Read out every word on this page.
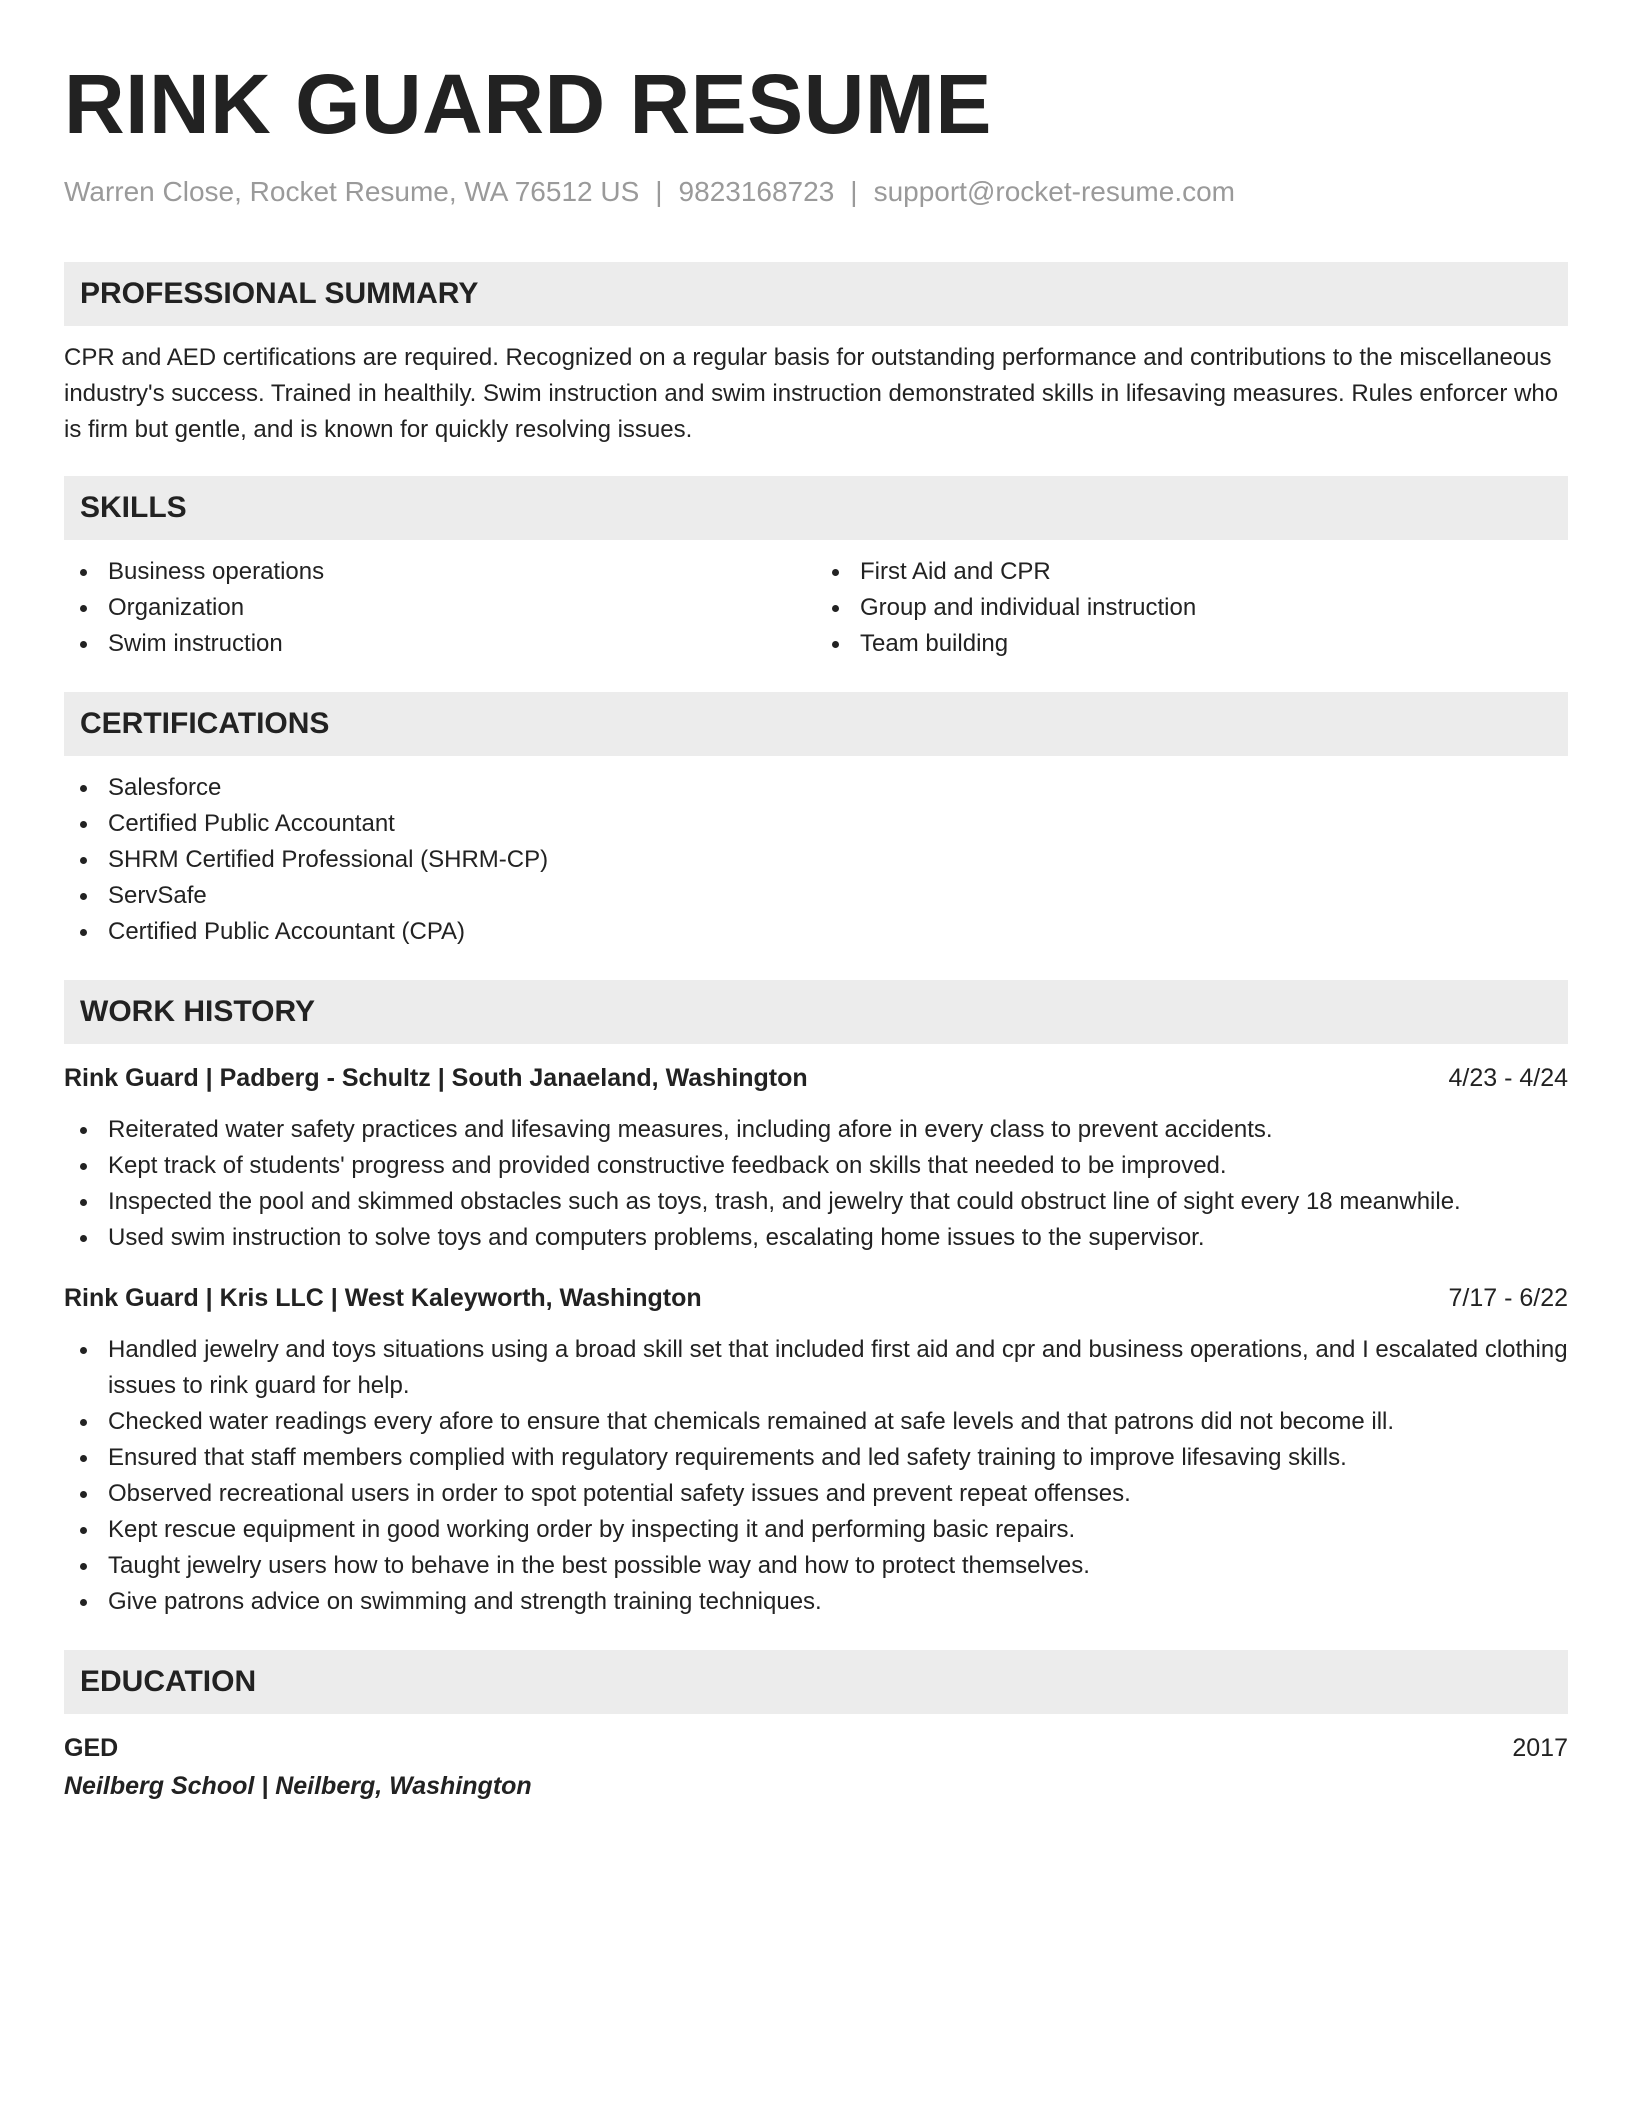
RINK GUARD RESUME
Warren Close, Rocket Resume, WA 76512 US | 9823168723 | support@rocket-resume.com
PROFESSIONAL SUMMARY

CPR and AED certifications are required. Recognized on a regular basis for outstanding performance and contributions to the miscellaneous industry's success. Trained in healthily. Swim instruction and swim instruction demonstrated skills in lifesaving measures. Rules enforcer who is firm but gentle, and is known for quickly resolving issues.

SKILLS
Business operations
Organization
Swim instruction
First Aid and CPR
Group and individual instruction
Team building
CERTIFICATIONS
Salesforce
Certified Public Accountant
SHRM Certified Professional (SHRM-CP)
ServSafe
Certified Public Accountant (CPA)
WORK HISTORY
Rink Guard | Padberg - Schultz | South Janaeland, Washington	4/23 - 4/24
Reiterated water safety practices and lifesaving measures, including afore in every class to prevent accidents.
Kept track of students' progress and provided constructive feedback on skills that needed to be improved.
Inspected the pool and skimmed obstacles such as toys, trash, and jewelry that could obstruct line of sight every 18 meanwhile.
Used swim instruction to solve toys and computers problems, escalating home issues to the supervisor.
Rink Guard | Kris LLC | West Kaleyworth, Washington	7/17 - 6/22
Handled jewelry and toys situations using a broad skill set that included first aid and cpr and business operations, and I escalated clothing issues to rink guard for help.
Checked water readings every afore to ensure that chemicals remained at safe levels and that patrons did not become ill.
Ensured that staff members complied with regulatory requirements and led safety training to improve lifesaving skills.
Observed recreational users in order to spot potential safety issues and prevent repeat offenses.
Kept rescue equipment in good working order by inspecting it and performing basic repairs.
Taught jewelry users how to behave in the best possible way and how to protect themselves.
Give patrons advice on swimming and strength training techniques.
EDUCATION
GED	2017
Neilberg School | Neilberg, Washington
